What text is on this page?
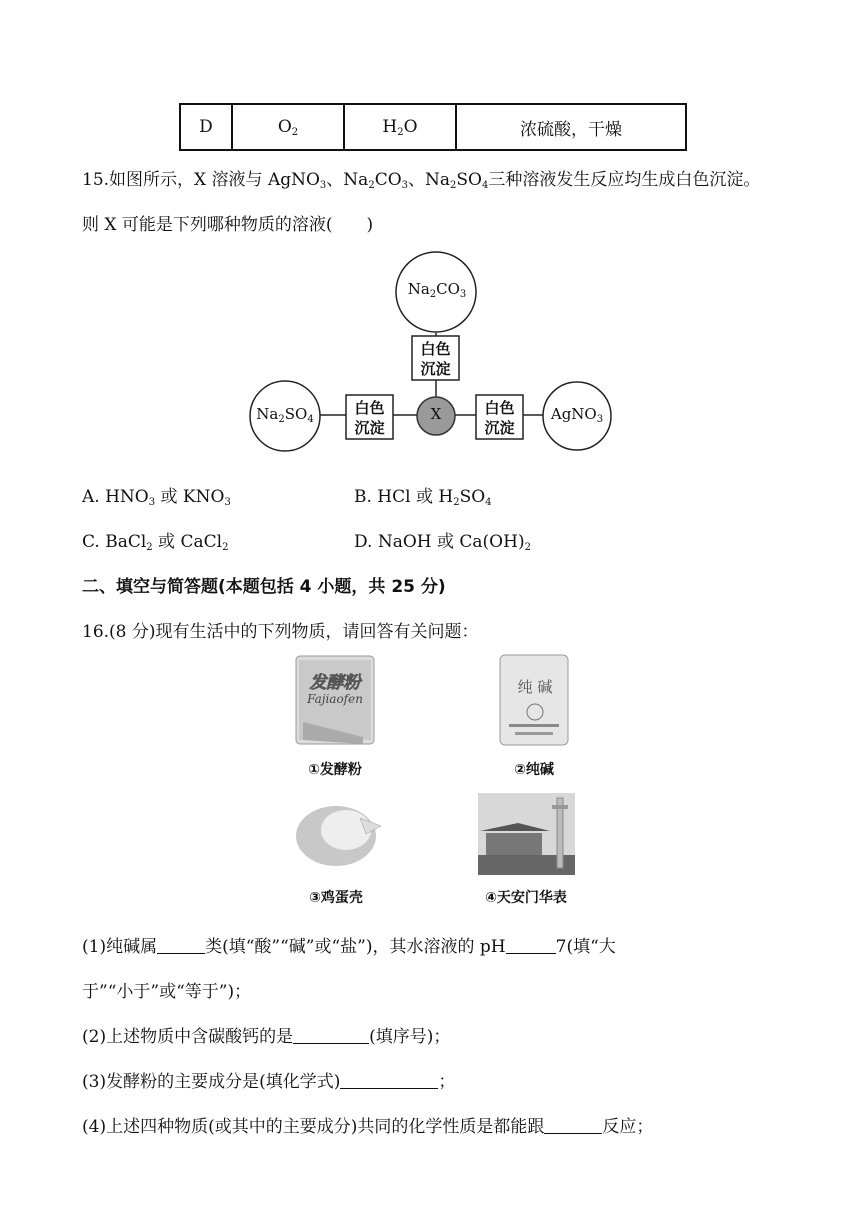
D	$O_2$	$H_2O$	浓硫酸，干燥
15.如图所示，X 溶液与 AgNO$_3$、$Na_2CO_3$、$Na_2SO_4$三种溶液发生反应均生成白色沉淀。
则 X 可能是下列哪种物质的溶液(　　)
$Na_2CO_3$
$Na_2SO_4$	AgNO$_3$
X
白色
沉淀
白色
沉淀
白色
沉淀
A. $HNO_3$ 或 $KNO_3$	B. HCl 或 $H_2SO_4$
C. BaCl$_2$ 或 CaCl$_2$	D. NaOH 或 $Ca(OH)_2$
二、填空与简答题(本题包括 4 小题，共 25 分)
16.(8 分)现有生活中的下列物质，请回答有关问题：
发酵粉
Fajiaofen
纯 碱
①发酵粉	②纯碱
③鸡蛋壳	④天安门华表
(1)纯碱属	类(填“酸”“碱”或“盐”)，其水溶液的 pH	7(填“大
于”“小于”或“等于”)；
(2)上述物质中含碳酸钙的是	(填序号)；
(3)发酵粉的主要成分是(填化学式)	；
(4)上述四种物质(或其中的主要成分)共同的化学性质是都能跟	反应；
